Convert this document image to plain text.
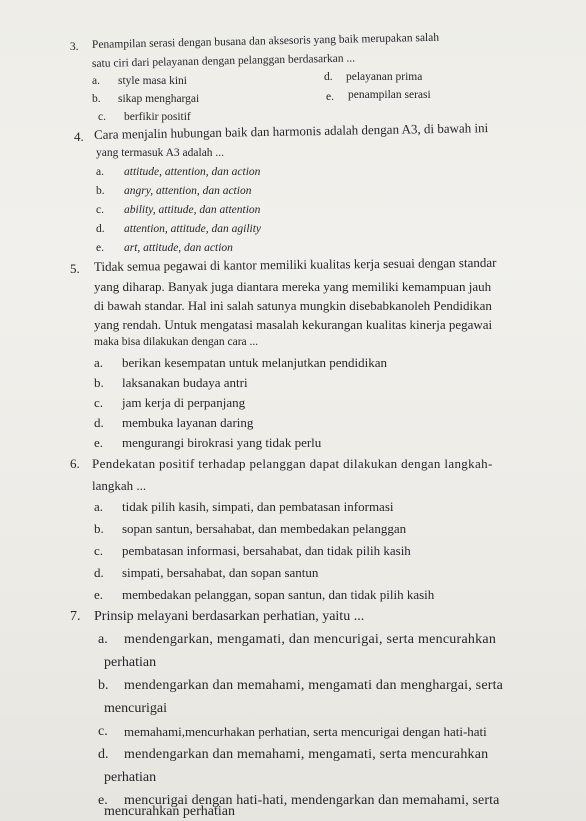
3. Penampilan serasi dengan busana dan aksesoris yang baik merupakan salah
satu ciri dari pelayanan dengan pelanggan berdasarkan ...
a. style masa kini
b. sikap menghargai
c. berfikir positif
d. pelayanan prima
e. penampilan serasi
4. Cara menjalin hubungan baik dan harmonis adalah dengan A3, di bawah ini
yang termasuk A3 adalah ...
a. attitude, attention, dan action
b. angry, attention, dan action
c. ability, attitude, dan attention
d. attention, attitude, dan agility
e. art, attitude, dan action
5. Tidak semua pegawai di kantor memiliki kualitas kerja sesuai dengan standar
yang diharap. Banyak juga diantara mereka yang memiliki kemampuan jauh
di bawah standar. Hal ini salah satunya mungkin disebabkanoleh Pendidikan
yang rendah. Untuk mengatasi masalah kekurangan kualitas kinerja pegawai
maka bisa dilakukan dengan cara ...
a. berikan kesempatan untuk melanjutkan pendidikan
b. laksanakan budaya antri
c. jam kerja di perpanjang
d. membuka layanan daring
e. mengurangi birokrasi yang tidak perlu
6. Pendekatan positif terhadap pelanggan dapat dilakukan dengan langkah-
langkah ...
a. tidak pilih kasih, simpati, dan pembatasan informasi
b. sopan santun, bersahabat, dan membedakan pelanggan
c. pembatasan informasi, bersahabat, dan tidak pilih kasih
d. simpati, bersahabat, dan sopan santun
e. membedakan pelanggan, sopan santun, dan tidak pilih kasih
7. Prinsip melayani berdasarkan perhatian, yaitu ...
a. mendengarkan, mengamati, dan mencurigai, serta mencurahkan
perhatian
b. mendengarkan dan memahami, mengamati dan menghargai, serta
mencurigai
c. memahami,mencurhakan perhatian, serta mencurigai dengan hati-hati
d. mendengarkan dan memahami, mengamati, serta mencurahkan
perhatian
e. mencurigai dengan hati-hati, mendengarkan dan memahami, serta
mencurahkan perhatian
